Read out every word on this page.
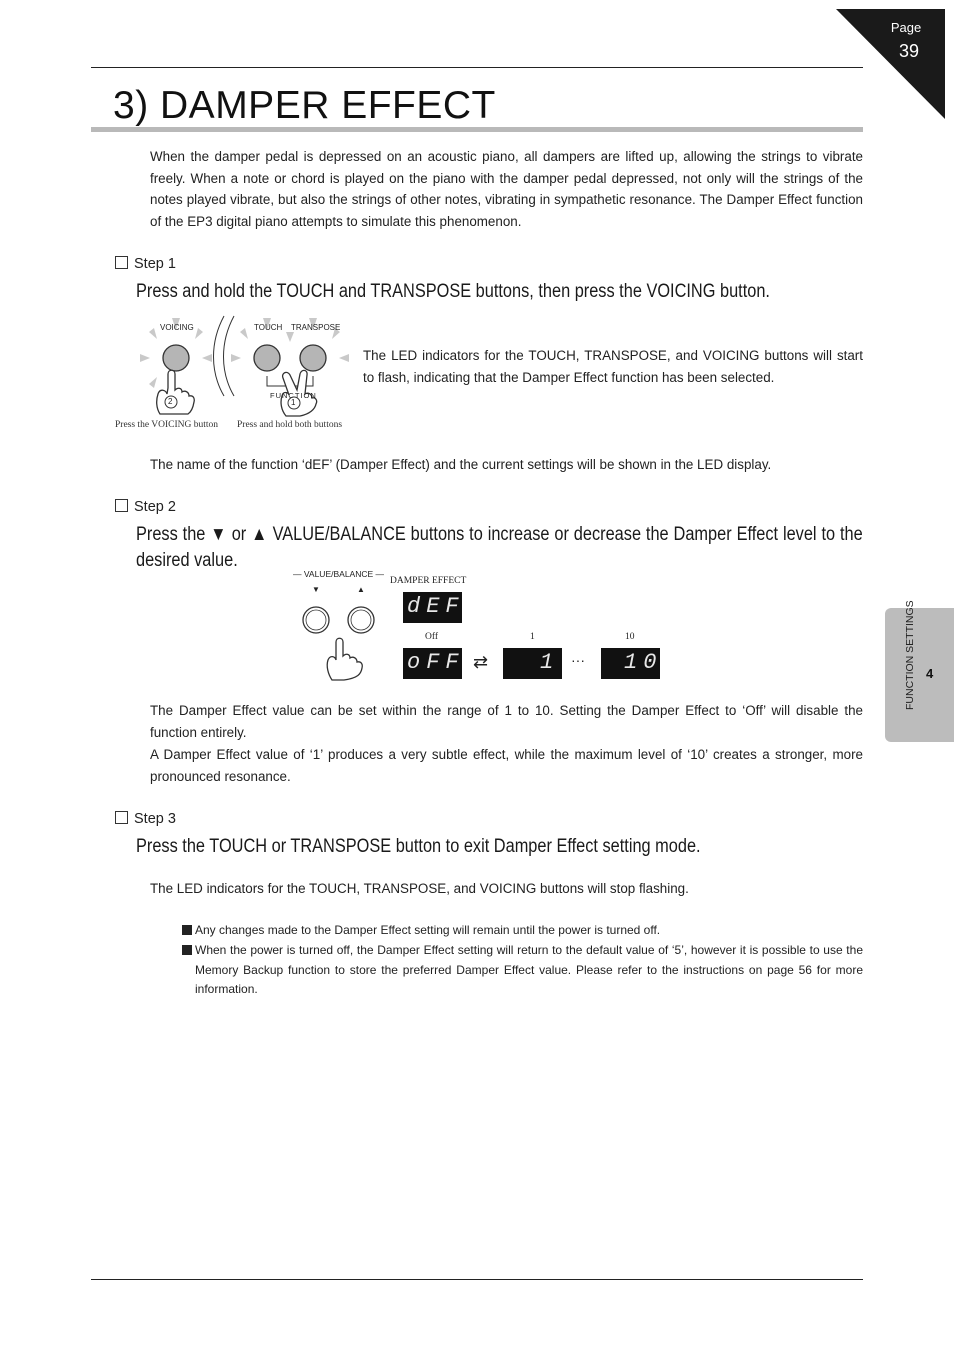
Page
39
3) DAMPER EFFECT
When the damper pedal is depressed on an acoustic piano, all dampers are lifted up, allowing the strings to vibrate freely. When a note or chord is played on the piano with the damper pedal depressed, not only will the strings of the notes played vibrate, but also the strings of other notes, vibrating in sympathetic resonance. The Damper Effect function of the EP3 digital piano attempts to simulate this phenomenon.
Step 1
Press and hold the TOUCH and TRANSPOSE buttons, then press the VOICING button.
VOICING	TOUCH TRANSPOSE
FUNCTION
2	1
Press the VOICING button Press and hold both buttons
The LED indicators for the TOUCH, TRANSPOSE, and VOICING buttons will start to flash, indicating that the Damper Effect function has been selected.
The name of the function ‘dEF’ (Damper Effect) and the current settings will be shown in the LED display.
Step 2
Press the ▼ or ▲ VALUE/BALANCE buttons to increase or decrease the Damper Effect level to the desired value.
— VALUE/BALANCE —
▼	▲
DAMPER EFFECT
dEF
Off	1	10
oFF ⇄ 1 ··· 10
The Damper Effect value can be set within the range of 1 to 10. Setting the Damper Effect to ‘Off’ will disable the function entirely.
A Damper Effect value of ‘1’ produces a very subtle effect, while the maximum level of ‘10’ creates a stronger, more pronounced resonance.
Step 3
Press the TOUCH or TRANSPOSE button to exit Damper Effect setting mode.
The LED indicators for the TOUCH, TRANSPOSE, and VOICING buttons will stop flashing.
Any changes made to the Damper Effect setting will remain until the power is turned off.
When the power is turned off, the Damper Effect setting will return to the default value of ‘5’, however it is possible to use the Memory Backup function to store the preferred Damper Effect value. Please refer to the instructions on page 56 for more information.
FUNCTION SETTINGS 4
